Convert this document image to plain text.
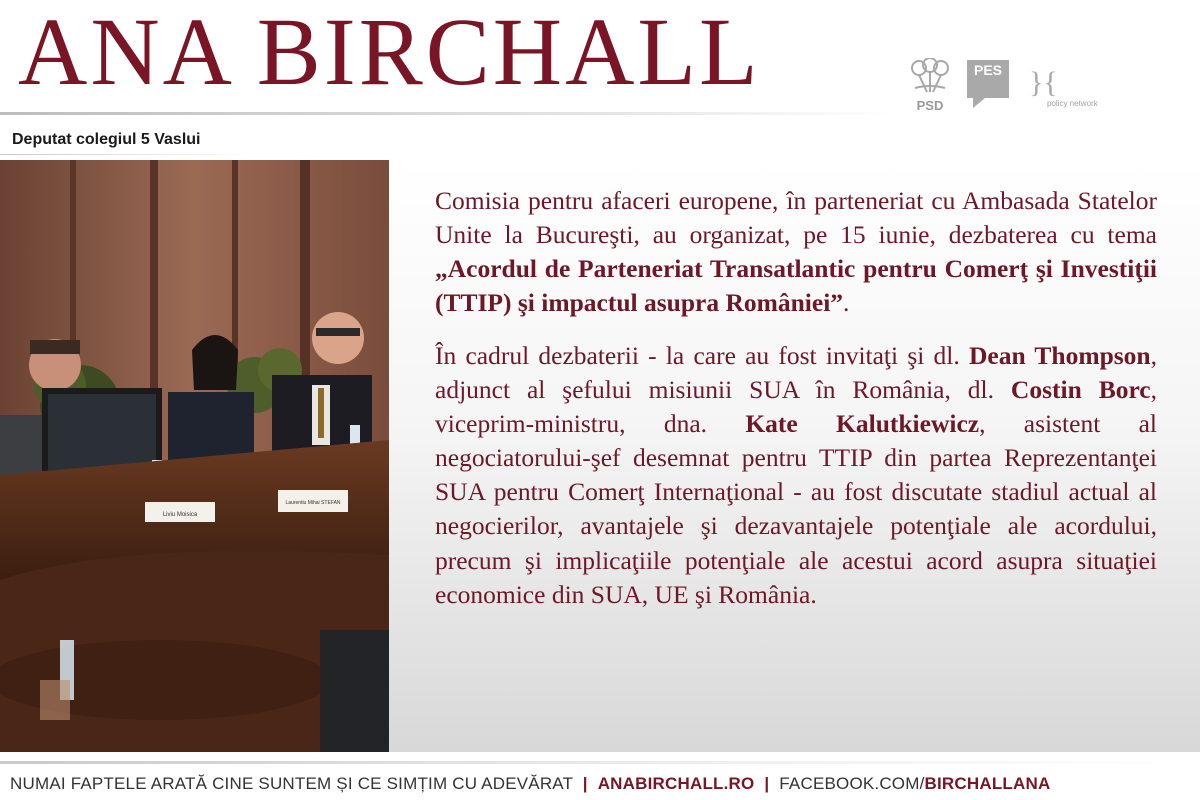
ANA BIRCHALL
Deputat colegiul 5 Vaslui
PSD
PES }{
policy network
Liviu Moisica
Laurentiu Mihai STEFAN

Comisia pentru afaceri europene, în parteneriat cu Ambasada Statelor Unite la Bucureşti, au organizat, pe 15 iunie, dezbaterea cu tema „Acordul de Parteneriat Transatlantic pentru Comerţ şi Investiţii (TTIP) şi impactul asupra României”.

În cadrul dezbaterii - la care au fost invitaţi şi dl. Dean Thompson, adjunct al şefului misiunii SUA în România, dl. Costin Borc, viceprim-ministru, dna. Kate Kalutkiewicz, asistent al negociatorului-şef desemnat pentru TTIP din partea Reprezentanţei SUA pentru Comerţ Internaţional - au fost discutate stadiul actual al negocierilor, avantajele şi dezavantajele potenţiale ale acordului, precum şi implicaţiile potenţiale ale acestui acord asupra situaţiei economice din SUA, UE şi România.

NUMAI FAPTELE ARATĂ CINE SUNTEM ȘI CE SIMȚIM CU ADEVĂRAT | ANABIRCHALL.RO | FACEBOOK.COM/BIRCHALLANA
